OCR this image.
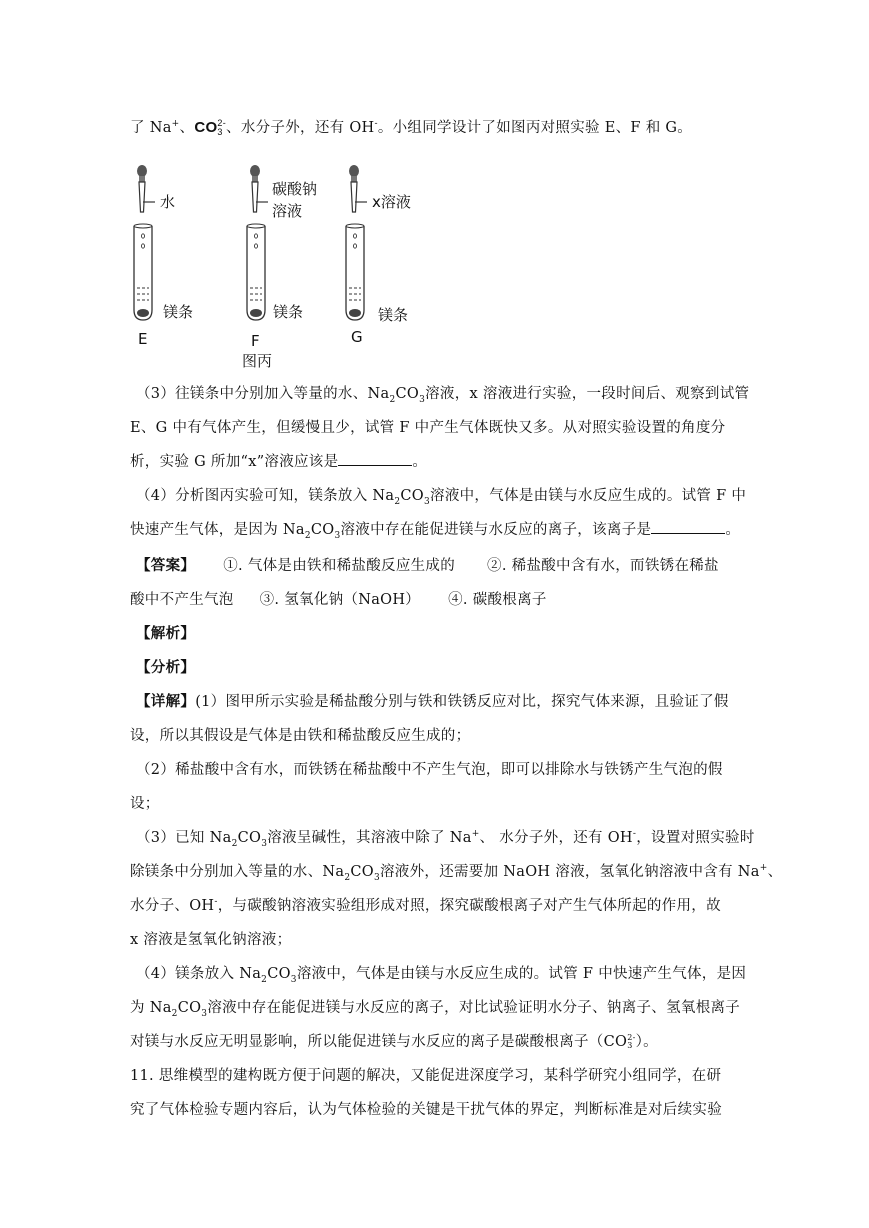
了 Na+、CO 2-
3 、水分子外，还有 OH-。小组同学设计了如图丙对照实验 E、F 和 G。
水
碳酸钠
溶液	x溶液
镁条
E
镁条
F
图丙
镁条
G
（3）往镁条中分别加入等量的水、$Na_2CO_3$溶液，x 溶液进行实验，一段时间后、观察到试管
E、G 中有气体产生，但缓慢且少，试管 F 中产生气体既快又多。从对照实验设置的角度分
析，实验 G 所加“x”溶液应该是	。
（4）分析图丙实验可知，镁条放入 $Na_2CO_3$溶液中，气体是由镁与水反应生成的。试管 F 中
快速产生气体，是因为 $Na_2CO_3$溶液中存在能促进镁与水反应的离子，该离子是	。
【答案】 ①. 气体是由铁和稀盐酸反应生成的 ②. 稀盐酸中含有水，而铁锈在稀盐
酸中不产生气泡 ③. 氢氧化钠（NaOH） ④. 碳酸根离子
【解析】
【分析】
【详解】(1）图甲所示实验是稀盐酸分别与铁和铁锈反应对比，探究气体来源，且验证了假
设，所以其假设是气体是由铁和稀盐酸反应生成的；
（2）稀盐酸中含有水，而铁锈在稀盐酸中不产生气泡，即可以排除水与铁锈产生气泡的假
设；
（3）已知 $Na_2CO_3$溶液呈碱性，其溶液中除了 Na+、 水分子外，还有 OH-，设置对照实验时
除镁条中分别加入等量的水、$Na_2CO_3$溶液外，还需要加 NaOH 溶液，氢氧化钠溶液中含有 Na+、
水分子、OH-，与碳酸钠溶液实验组形成对照，探究碳酸根离子对产生气体所起的作用，故
x 溶液是氢氧化钠溶液；
（4）镁条放入 $Na_2CO_3$溶液中，气体是由镁与水反应生成的。试管 F 中快速产生气体，是因
为 $Na_2CO_3$溶液中存在能促进镁与水反应的离子，对比试验证明水分子、钠离子、氢氧根离子
对镁与水反应无明显影响，所以能促进镁与水反应的离子是碳酸根离子（CO 2-
3 ）。
11. 思维模型的建构既方便于问题的解决，又能促进深度学习，某科学研究小组同学，在研
究了气体检验专题内容后，认为气体检验的关键是干扰气体的界定，判断标准是对后续实验
